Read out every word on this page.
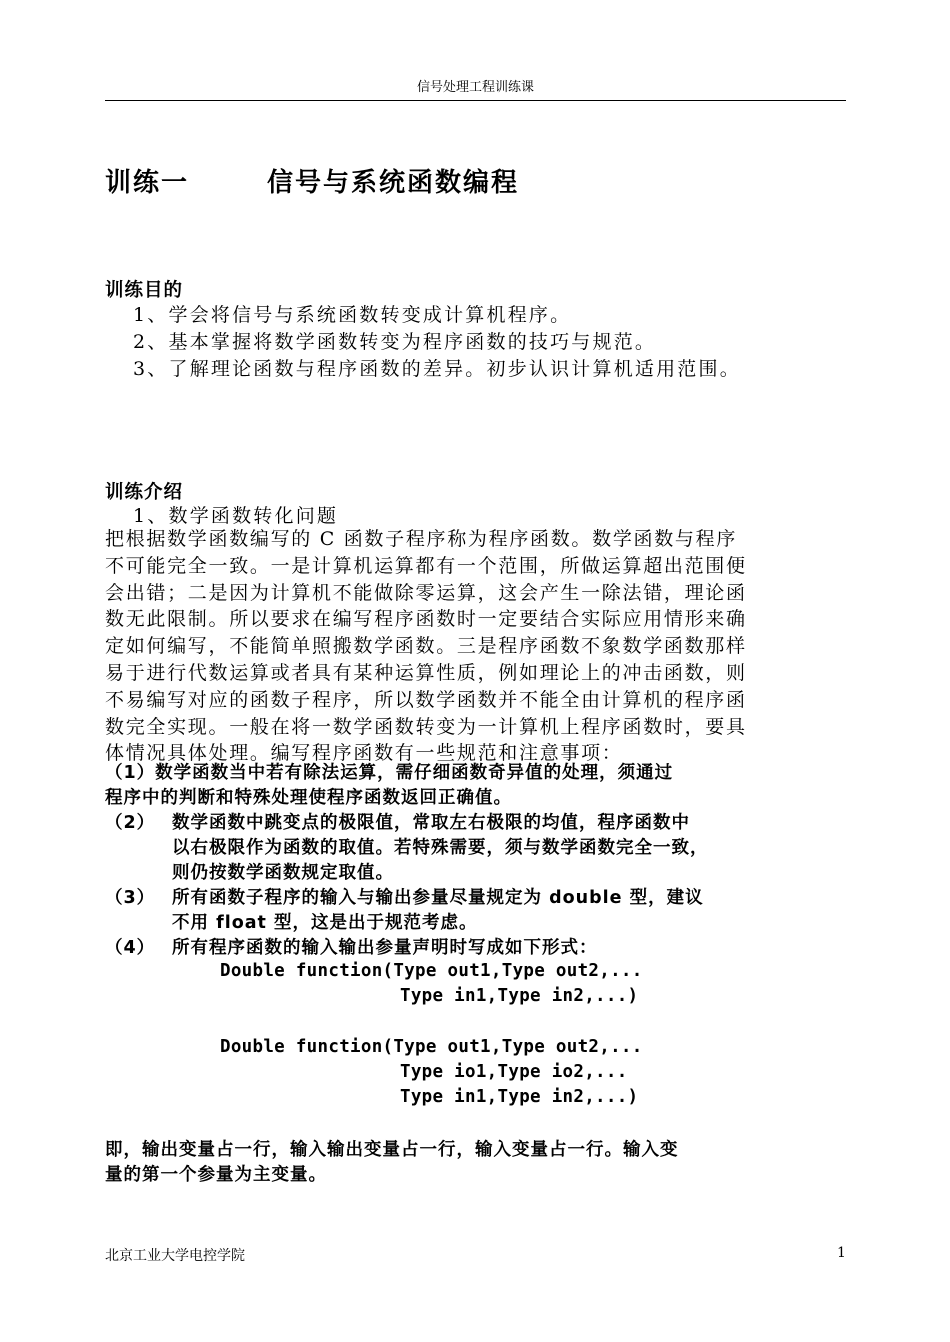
信号处理工程训练课
训练一	信号与系统函数编程
训练目的
1、学会将信号与系统函数转变成计算机程序。
2、基本掌握将数学函数转变为程序函数的技巧与规范。
3、了解理论函数与程序函数的差异。初步认识计算机适用范围。
训练介绍
1、数学函数转化问题
把根据数学函数编写的 C 函数子程序称为程序函数。数学函数与程序
不可能完全一致。一是计算机运算都有一个范围，所做运算超出范围便
会出错；二是因为计算机不能做除零运算，这会产生一除法错，理论函
数无此限制。所以要求在编写程序函数时一定要结合实际应用情形来确
定如何编写，不能简单照搬数学函数。三是程序函数不象数学函数那样
易于进行代数运算或者具有某种运算性质，例如理论上的冲击函数，则
不易编写对应的函数子程序，所以数学函数并不能全由计算机的程序函
数完全实现。一般在将一数学函数转变为一计算机上程序函数时，要具
体情况具体处理。编写程序函数有一些规范和注意事项：
（1）数学函数当中若有除法运算，需仔细函数奇异值的处理，须通过
程序中的判断和特殊处理使程序函数返回正确值。
（2） 数学函数中跳变点的极限值，常取左右极限的均值，程序函数中
以右极限作为函数的取值。若特殊需要，须与数学函数完全一致，
则仍按数学函数规定取值。
（3） 所有函数子程序的输入与输出参量尽量规定为 double 型，建议
不用 float 型，这是出于规范考虑。
（4） 所有程序函数的输入输出参量声明时写成如下形式：
Double function(Type out1,Type out2,...
Type in1,Type in2,...)
Double function(Type out1,Type out2,...
Type io1,Type io2,...
Type in1,Type in2,...)
即，输出变量占一行，输入输出变量占一行，输入变量占一行。输入变
量的第一个参量为主变量。
北京工业大学电控学院	1
